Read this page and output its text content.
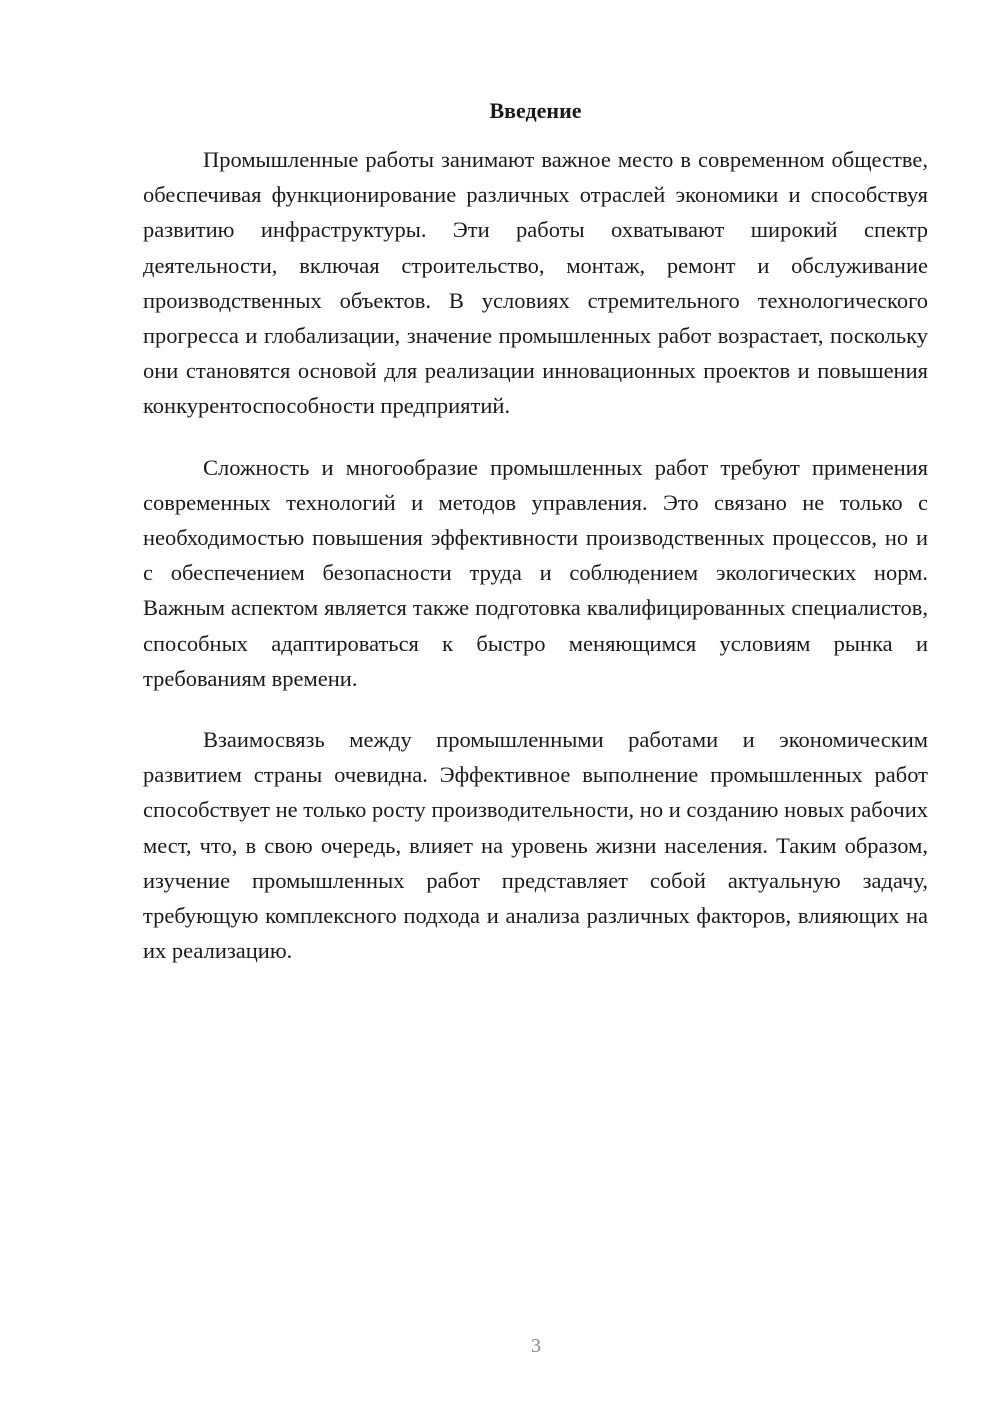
Введение

Промышленные работы занимают важное место в современном обществе, обеспечивая функционирование различных отраслей экономики и способствуя развитию инфраструктуры. Эти работы охватывают широкий спектр деятельности, включая строительство, монтаж, ремонт и обслуживание производственных объектов. В условиях стремительного технологического прогресса и глобализации, значение промышленных работ возрастает, поскольку они становятся основой для реализации инновационных проектов и повышения конкурентоспособности предприятий.

Сложность и многообразие промышленных работ требуют применения современных технологий и методов управления. Это связано не только с необходимостью повышения эффективности производственных процессов, но и с обеспечением безопасности труда и соблюдением экологических норм. Важным аспектом является также подготовка квалифицированных специалистов, способных адаптироваться к быстро меняющимся условиям рынка и требованиям времени.

Взаимосвязь между промышленными работами и экономическим развитием страны очевидна. Эффективное выполнение промышленных работ способствует не только росту производительности, но и созданию новых рабочих мест, что, в свою очередь, влияет на уровень жизни населения. Таким образом, изучение промышленных работ представляет собой актуальную задачу, требующую комплексного подхода и анализа различных факторов, влияющих на их реализацию.

3
